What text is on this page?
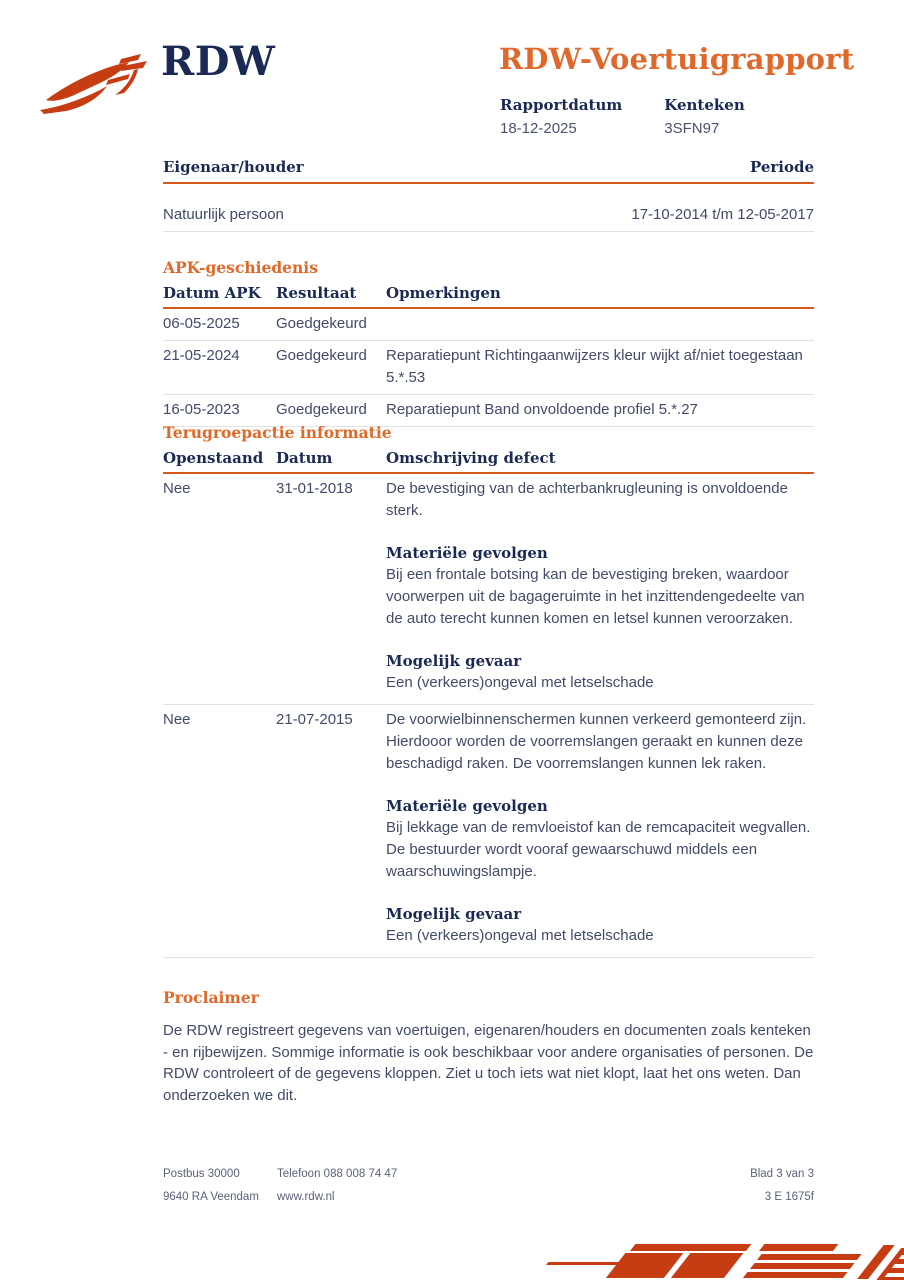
RDW	RDW-Voertuigrapport
Rapportdatum
18-12-2025
Kenteken
3SFN97
Eigenaar/houder	Periode
Natuurlijk persoon	17-10-2014 t/m 12-05-2017
APK-geschiedenis
Datum APK	Resultaat	Opmerkingen
06-05-2025	Goedgekeurd
21-05-2024	Goedgekeurd	Reparatiepunt Richtingaanwijzers kleur wijkt af/niet toegestaan 5.*.53
16-05-2023	Goedgekeurd	Reparatiepunt Band onvoldoende profiel 5.*.27
Terugroepactie informatie
Openstaand Datum	Omschrijving defect
Nee	31-01-2018	De bevestiging van de achterbankrugleuning is onvoldoende sterk.

Materiële gevolgen

Bij een frontale botsing kan de bevestiging breken, waardoor voorwerpen uit de bagageruimte in het inzittendengedeelte van de auto terecht kunnen komen en letsel kunnen veroorzaken.

Mogelijk gevaar

Een (verkeers)ongeval met letselschade

Nee	21-07-2015	De voorwielbinnenschermen kunnen verkeerd gemonteerd zijn. Hierdooor worden de voorremslangen geraakt en kunnen deze beschadigd raken. De voorremslangen kunnen lek raken.

Materiële gevolgen

Bij lekkage van de remvloeistof kan de remcapaciteit wegvallen. De bestuurder wordt vooraf gewaarschuwd middels een waarschuwingslampje.

Mogelijk gevaar

Een (verkeers)ongeval met letselschade

Proclaimer

De RDW registreert gegevens van voertuigen, eigenaren/houders en documenten zoals kenteken - en rijbewijzen. Sommige informatie is ook beschikbaar voor andere organisaties of personen. De RDW controleert of de gegevens kloppen. Ziet u toch iets wat niet klopt, laat het ons weten. Dan onderzoeken we dit.

Postbus 30000	Telefoon 088 008 74 47	Blad 3 van 3
9640 RA Veendam	www.rdw.nl	3 E 1675f
